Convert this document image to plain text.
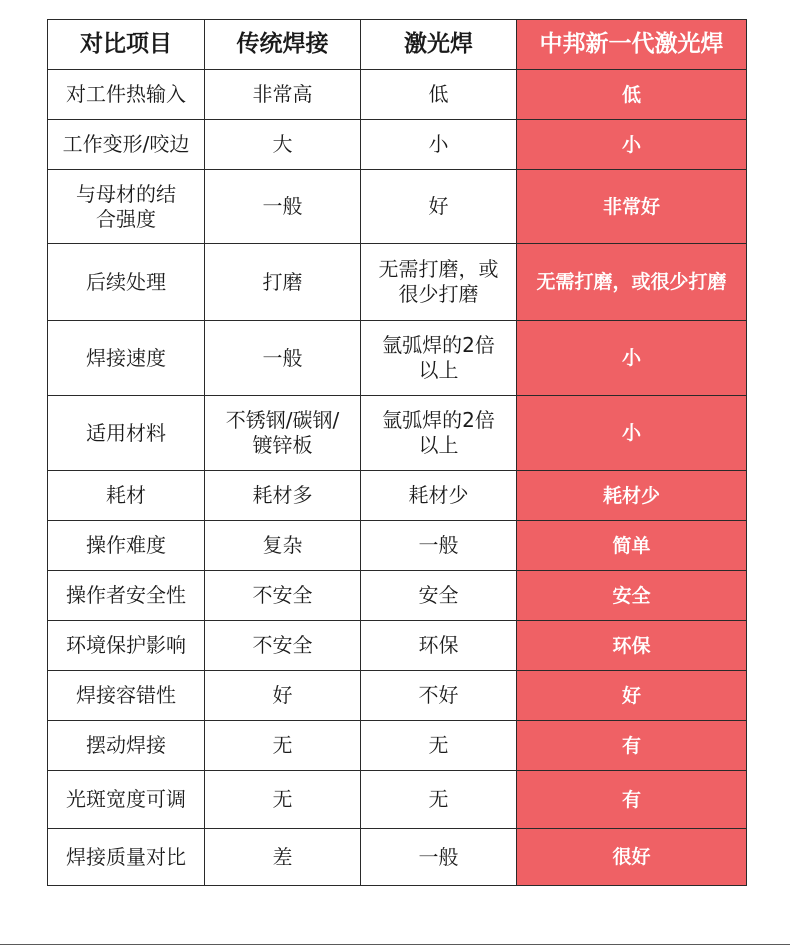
对比项目	传统焊接	激光焊	中邦新一代激光焊
对工件热输入	非常高	低	低
工作变形/咬边	大	小	小
与母材的结合强度	一般	好	非常好
后续处理	打磨	无需打磨，或很少打磨	无需打磨，或很少打磨
焊接速度	一般	氩弧焊的2倍以上	小
适用材料	不锈钢/碳钢/镀锌板	氩弧焊的2倍以上	小
耗材	耗材多	耗材少	耗材少
操作难度	复杂	一般	简单
操作者安全性	不安全	安全	安全
环境保护影响	不安全	环保	环保
焊接容错性	好	不好	好
摆动焊接	无	无	有
光斑宽度可调	无	无	有
焊接质量对比	差	一般	很好
